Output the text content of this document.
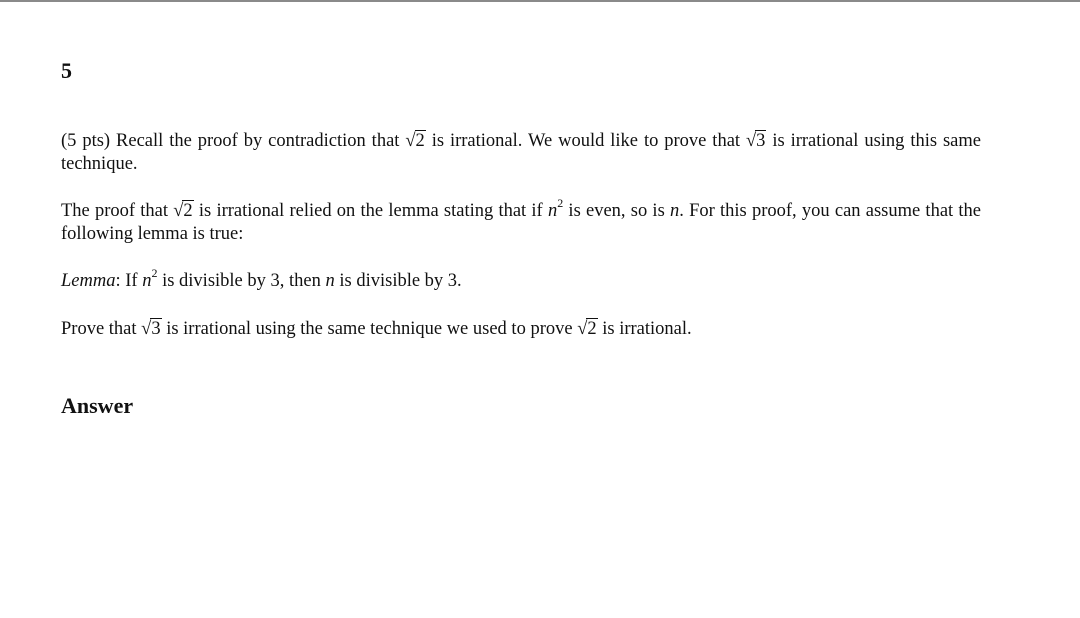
5
(5 pts) Recall the proof by contradiction that √2 is irrational. We would like to prove that √3 is irrational using this same technique.
The proof that √2 is irrational relied on the lemma stating that if $n^2$ is even, so is n. For this proof, you can assume that the following lemma is true:
Lemma: If $n^2$ is divisible by 3, then n is divisible by 3.
Prove that √3 is irrational using the same technique we used to prove √2 is irrational.
Answer
